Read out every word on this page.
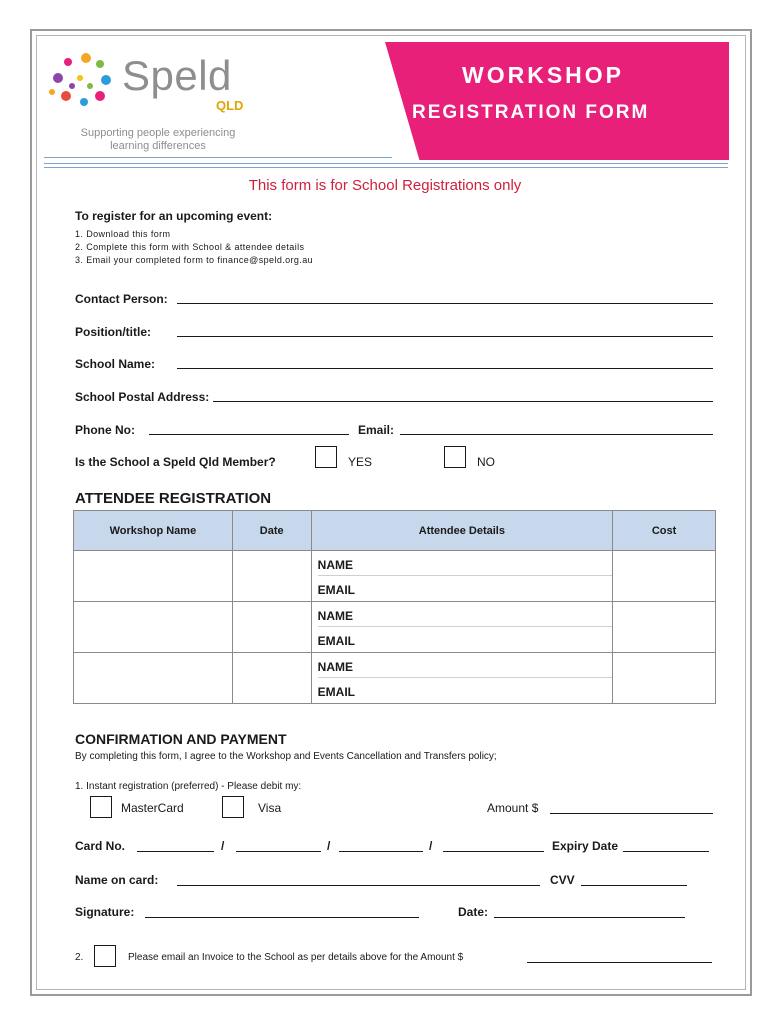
Speld
QLD
Supporting people experiencing learning differences
WORKSHOP
REGISTRATION FORM
This form is for School Registrations only
To register for an upcoming event:
1. Download this form
2. Complete this form with School & attendee details
3. Email your completed form to finance@speld.org.au
Contact Person:
Position/title:
School Name:
School Postal Address:
Phone No:	Email:
Is the School a Speld Qld Member?	YES	NO
ATTENDEE REGISTRATION
Workshop Name	Date	Attendee Details	Cost

		NAME
EMAIL	

		NAME
EMAIL	

		NAME
EMAIL	

CONFIRMATION AND PAYMENT
By completing this form, I agree to the Workshop and Events Cancellation and Transfers policy;
1. Instant registration (preferred) - Please debit my:
MasterCard	Visa	Amount $
Card No.	/	/	/	Expiry Date
Name on card:	CVV
Signature:	Date:
2.	Please email an Invoice to the School as per details above for the Amount $
